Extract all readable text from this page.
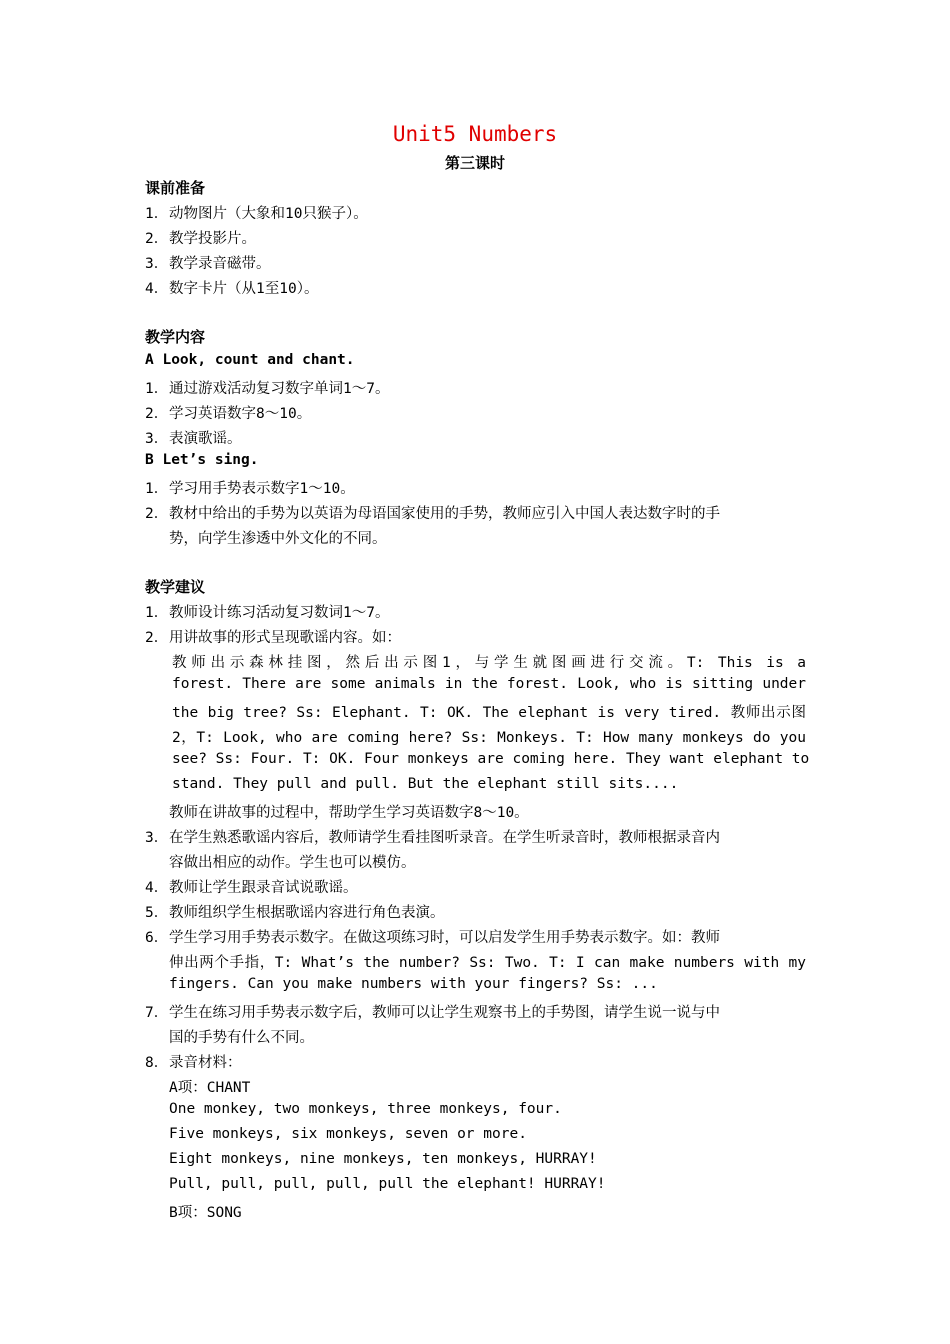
Unit5 Numbers
第三课时
课前准备
1． 动物图片（大象和10只猴子）。
2． 教学投影片。
3． 教学录音磁带。
4． 数字卡片（从1至10）。
教学内容
A Look, count and chant.
1． 通过游戏活动复习数字单词1～7。
2． 学习英语数字8～10。
3． 表演歌谣。
B Let’s sing.
1． 学习用手势表示数字1～10。
2． 教材中给出的手势为以英语为母语国家使用的手势，教师应引入中国人表达数字时的手
势，向学生渗透中外文化的不同。
教学建议
1． 教师设计练习活动复习数词1～7。
2． 用讲故事的形式呈现歌谣内容。如：
教师出示森林挂图，然后出示图1，与学生就图画进行交流。T: This is a
forest. There are some animals in the forest. Look, who is sitting under
the big tree? Ss: Elephant. T: OK. The elephant is very tired. 教师出示图
2，T: Look, who are coming here? Ss: Monkeys. T: How many monkeys do you
see? Ss: Four. T: OK. Four monkeys are coming here. They want elephant to
stand. They pull and pull. But the elephant still sits....
教师在讲故事的过程中，帮助学生学习英语数字8～10。
3． 在学生熟悉歌谣内容后，教师请学生看挂图听录音。在学生听录音时，教师根据录音内
容做出相应的动作。学生也可以模仿。
4． 教师让学生跟录音试说歌谣。
5． 教师组织学生根据歌谣内容进行角色表演。
6． 学生学习用手势表示数字。在做这项练习时，可以启发学生用手势表示数字。如：教师
伸出两个手指，T: What’s the number? Ss: Two. T: I can make numbers with my
fingers. Can you make numbers with your fingers? Ss: ...
7． 学生在练习用手势表示数字后，教师可以让学生观察书上的手势图，请学生说一说与中
国的手势有什么不同。
8． 录音材料：
A项：CHANT
One monkey, two monkeys, three monkeys, four.
Five monkeys, six monkeys, seven or more.
Eight monkeys, nine monkeys, ten monkeys, HURRAY!
Pull, pull, pull, pull, pull the elephant! HURRAY!
B项：SONG
